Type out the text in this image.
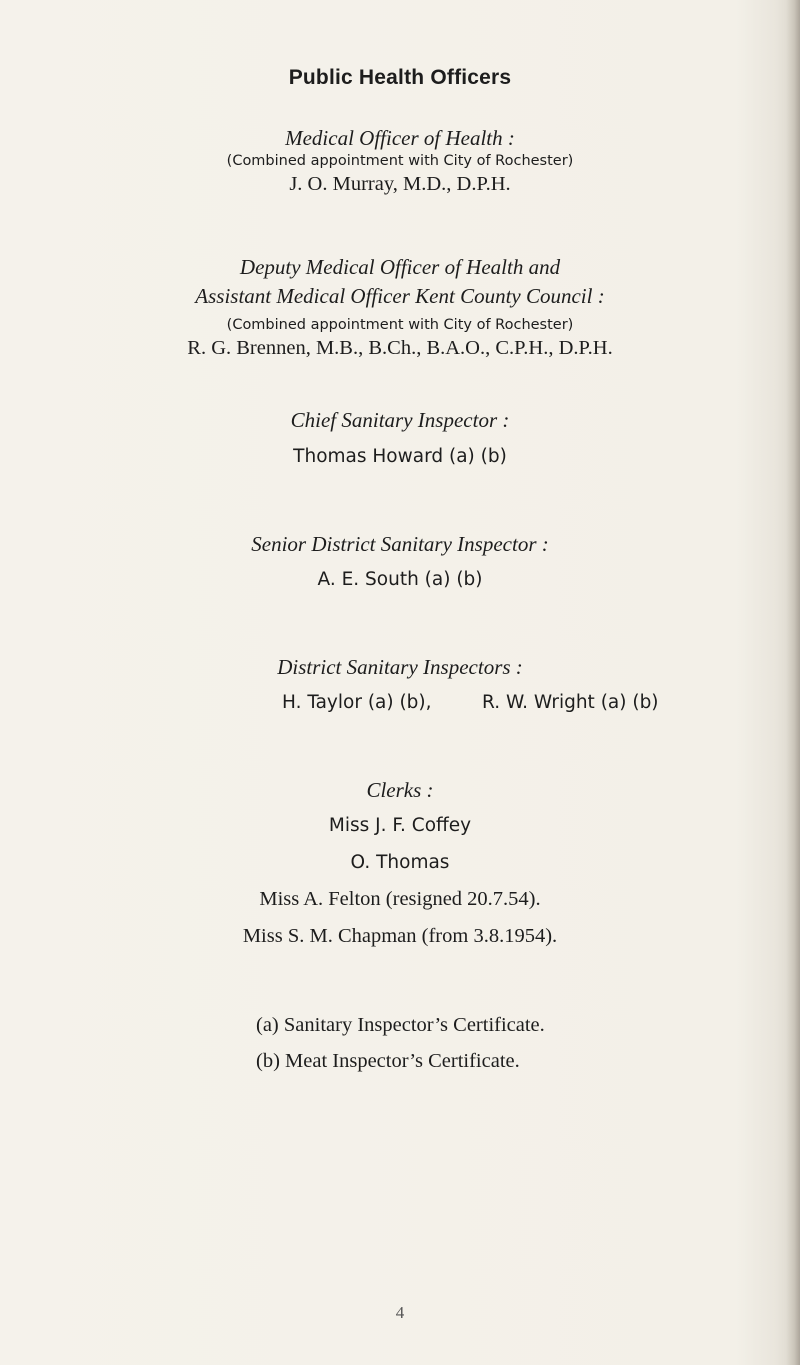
Public Health Officers

Medical Officer of Health :

(Combined appointment with City of Rochester)

J. O. Murray, M.D., D.P.H.

Deputy Medical Officer of Health and

Assistant Medical Officer Kent County Council :

(Combined appointment with City of Rochester)

R. G. Brennen, M.B., B.Ch., B.A.O., C.P.H., D.P.H.

Chief Sanitary Inspector :

Thomas Howard (a) (b)

Senior District Sanitary Inspector :

A. E. South (a) (b)

District Sanitary Inspectors :

H. Taylor (a) (b),	R. W. Wright (a) (b)

Clerks :

Miss J. F. Coffey

O. Thomas

Miss A. Felton (resigned 20.7.54).

Miss S. M. Chapman (from 3.8.1954).

(a) Sanitary Inspector’s Certificate.

(b) Meat Inspector’s Certificate.

4
